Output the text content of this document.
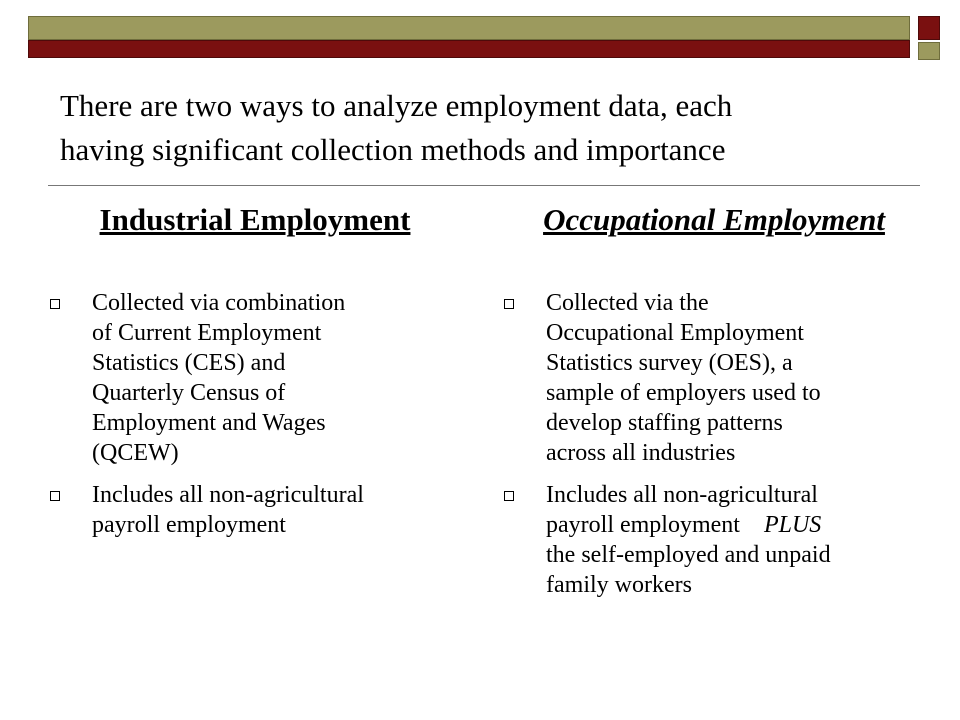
There are two ways to analyze employment data, each
having significant collection methods and importance
Industrial Employment
Collected via combination
of Current Employment
Statistics (CES) and
Quarterly Census of
Employment and Wages
(QCEW)
Includes all non-agricultural
payroll employment
Occupational Employment
Collected via the
Occupational Employment
Statistics survey (OES), a
sample of employers used to
develop staffing patterns
across all industries
Includes all non-agricultural
payroll employment PLUS
the self-employed and unpaid
family workers
